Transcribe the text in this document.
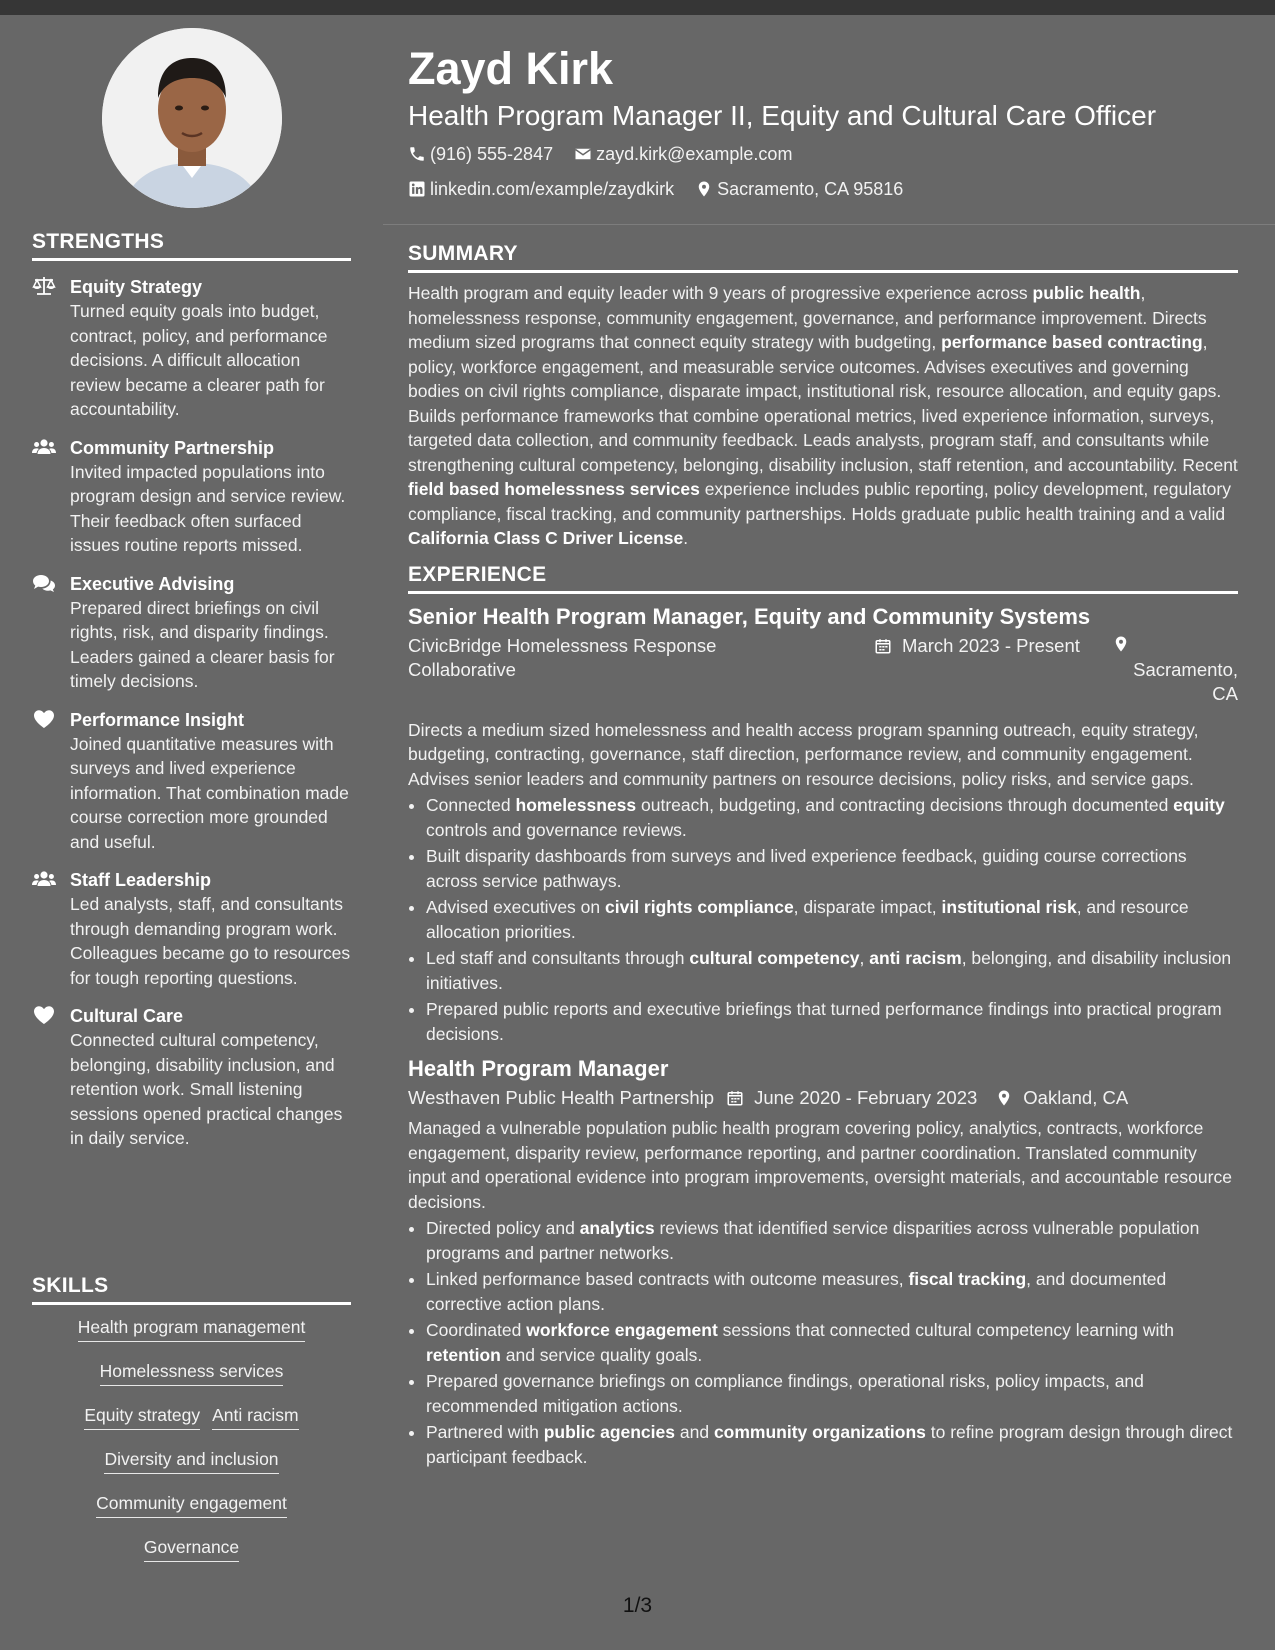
STRENGTHS
Equity Strategy
Turned equity goals into budget, contract, policy, and performance decisions. A difficult allocation review became a clearer path for accountability.
Community Partnership
Invited impacted populations into program design and service review. Their feedback often surfaced issues routine reports missed.
Executive Advising
Prepared direct briefings on civil rights, risk, and disparity findings. Leaders gained a clearer basis for timely decisions.
Performance Insight
Joined quantitative measures with surveys and lived experience information. That combination made course correction more grounded and useful.
Staff Leadership
Led analysts, staff, and consultants through demanding program work. Colleagues became go to resources for tough reporting questions.
Cultural Care
Connected cultural competency, belonging, disability inclusion, and retention work. Small listening sessions opened practical changes in daily service.
SKILLS
Health program management
Homelessness services
Equity strategy Anti racism
Diversity and inclusion
Community engagement
Governance
Zayd Kirk
Health Program Manager II, Equity and Cultural Care Officer
(916) 555-2847
zayd.kirk@example.com
linkedin.com/example/zaydkirk
Sacramento, CA 95816
SUMMARY

Health program and equity leader with 9 years of progressive experience across public health, homelessness response, community engagement, governance, and performance improvement. Directs medium sized programs that connect equity strategy with budgeting, performance based contracting, policy, workforce engagement, and measurable service outcomes. Advises executives and governing bodies on civil rights compliance, disparate impact, institutional risk, resource allocation, and equity gaps. Builds performance frameworks that combine operational metrics, lived experience information, surveys, targeted data collection, and community feedback. Leads analysts, program staff, and consultants while strengthening cultural competency, belonging, disability inclusion, staff retention, and accountability. Recent field based homelessness services experience includes public reporting, policy development, regulatory compliance, fiscal tracking, and community partnerships. Holds graduate public health training and a valid California Class C Driver License.

EXPERIENCE
Senior Health Program Manager, Equity and Community Systems
CivicBridge Homelessness Response Collaborative
March 2023 - Present
Sacramento, CA
Directs a medium sized homelessness and health access program spanning outreach, equity strategy, budgeting, contracting, governance, staff direction, performance review, and community engagement. Advises senior leaders and community partners on resource decisions, policy risks, and service gaps.
• Connected homelessness outreach, budgeting, and contracting decisions through documented equity controls and governance reviews.
• Built disparity dashboards from surveys and lived experience feedback, guiding course corrections across service pathways.
• Advised executives on civil rights compliance, disparate impact, institutional risk, and resource allocation priorities.
• Led staff and consultants through cultural competency, anti racism, belonging, and disability inclusion initiatives.
• Prepared public reports and executive briefings that turned performance findings into practical program decisions.
Health Program Manager
Westhaven Public Health Partnership June 2020 - February 2023 Oakland, CA
Managed a vulnerable population public health program covering policy, analytics, contracts, workforce engagement, disparity review, performance reporting, and partner coordination. Translated community input and operational evidence into program improvements, oversight materials, and accountable resource decisions.
• Directed policy and analytics reviews that identified service disparities across vulnerable population programs and partner networks.
• Linked performance based contracts with outcome measures, fiscal tracking, and documented corrective action plans.
• Coordinated workforce engagement sessions that connected cultural competency learning with retention and service quality goals.
• Prepared governance briefings on compliance findings, operational risks, policy impacts, and recommended mitigation actions.
• Partnered with public agencies and community organizations to refine program design through direct participant feedback.
1/3
